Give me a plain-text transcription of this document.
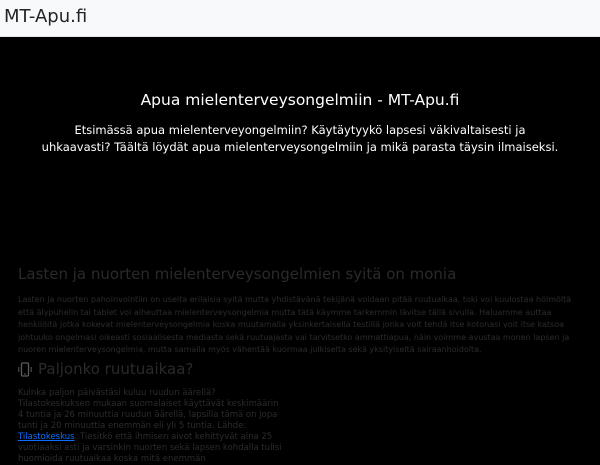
MT-Apu.fi
Apua mielenterveysongelmiin - MT-Apu.fi

Etsimässä apua mielenterveyongelmiin? Käytäytyykö lapsesi väkivaltaisesti ja uhkaavasti? Täältä löydät apua mielenterveysongelmiin ja mikä parasta täysin ilmaiseksi.

Lasten ja nuorten mielenterveysongelmien syitä on monia

Lasten ja nuorten pahoinvointiin on useita erilaisia syitä mutta yhdistävänä tekijänä voidaan pitää ruutuaikaa, toki voi kuulostaa hölmöltä että älypuhelin tai tablet voi aiheuttaa mielenterveysongelmia mutta tätä käymme tarkemmin lävitse tällä sivulla. Haluamme auttaa henkilöitä jotka kokevat mielenterveysongelmia koska muutamalla yksinkertaisella testillä jonka voit tehdä itse kotonasi voit itse katsoa johtuuko ongelmasi oikeasti sosiaalisesta mediasta sekä ruutuajasta vai tarvitsetko ammattiapua, näin voimme avustaa monen lapsen ja nuoren mielenterveysongelmia, mutta samalla myös vähentää kuormaa julkiselta sekä yksityiseltä sairaanhoidolta.

Paljonko ruutuaikaa?

Kuinka paljon päivästäsi kuluu ruudun äärellä? Tilastokeskuksen mukaan suomalaiset käyttävät keskimäärin 4 tuntia ja 26 minuuttia ruudun äärellä, lapsilla tämä on jopa tunti ja 20 minuuttia enemmän eli yli 5 tuntia. Lähde: Tilastokeskus. Tiesitkö että ihmisen aivot kehittyvät aina 25 vuotiaaksi asti ja varsinkin nuorten sekä lapsen kohdalla tulisi huomioida ruutuaikaa koska mitä enemmän
